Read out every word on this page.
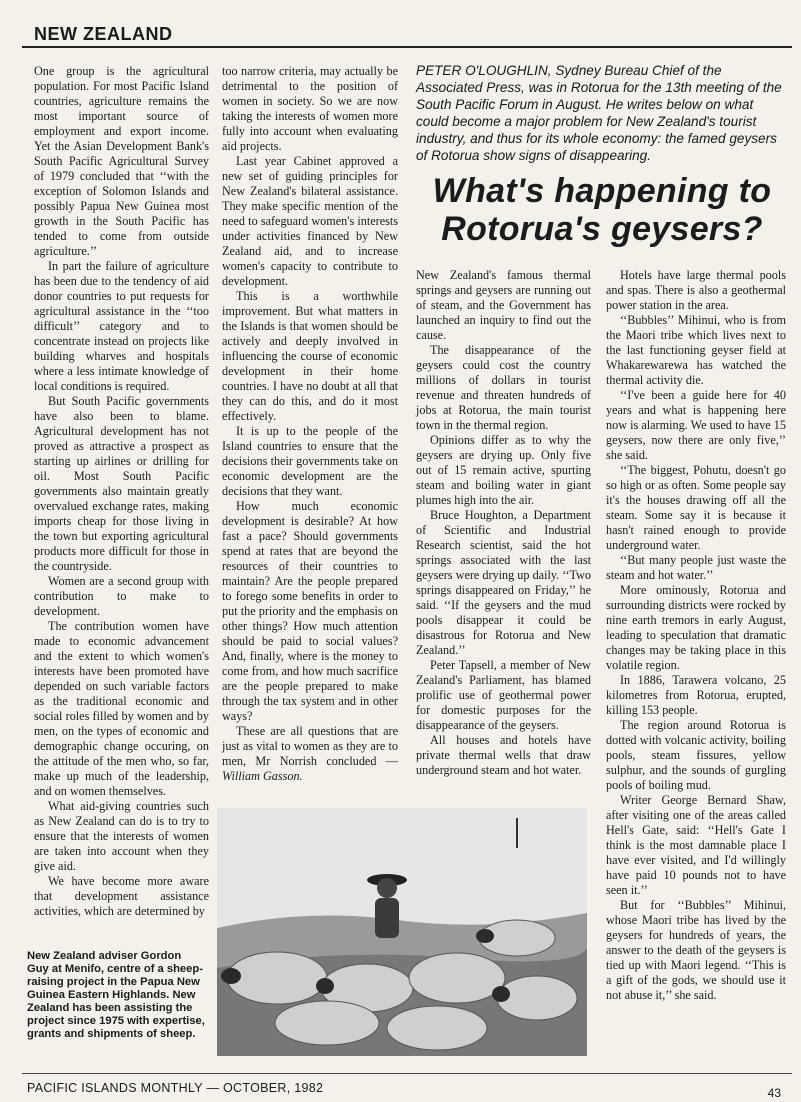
NEW ZEALAND

One group is the agricultural population. For most Pacific Island countries, agriculture remains the most important source of employment and export income. Yet the Asian Development Bank's South Pacific Agricultural Survey of 1979 concluded that ‘‘with the exception of Solomon Islands and possibly Papua New Guinea most growth in the South Pacific has tended to come from outside agriculture.’’

In part the failure of agriculture has been due to the tendency of aid donor countries to put requests for agricultural assistance in the ‘‘too difficult’’ category and to concentrate instead on projects like building wharves and hospitals where a less intimate knowledge of local conditions is required.

But South Pacific governments have also been to blame. Agricultural development has not proved as attractive a prospect as starting up airlines or drilling for oil. Most South Pacific governments also maintain greatly overvalued exchange rates, making imports cheap for those living in the town but exporting agricultural products more difficult for those in the countryside.

Women are a second group with contribution to make to development.

The contribution women have made to economic advancement and the extent to which women's interests have been promoted have depended on such variable factors as the traditional economic and social roles filled by women and by men, on the types of economic and demographic change occuring, on the attitude of the men who, so far, make up much of the leadership, and on women themselves.

What aid-giving countries such as New Zealand can do is to try to ensure that the interests of women are taken into account when they give aid.

We have become more aware that development assistance activities, which are determined by

too narrow criteria, may actually be detrimental to the position of women in society. So we are now taking the interests of women more fully into account when evaluating aid projects.

Last year Cabinet approved a new set of guiding principles for New Zealand's bilateral assistance. They make specific mention of the need to safeguard women's interests under activities financed by New Zealand aid, and to increase women's capacity to contribute to development.

This is a worthwhile improvement. But what matters in the Islands is that women should be actively and deeply involved in influencing the course of economic development in their home countries. I have no doubt at all that they can do this, and do it most effectively.

It is up to the people of the Island countries to ensure that the decisions their governments take on economic development are the decisions that they want.

How much economic development is desirable? At how fast a pace? Should governments spend at rates that are beyond the resources of their countries to maintain? Are the people prepared to forego some benefits in order to put the priority and the emphasis on other things? How much attention should be paid to social values? And, finally, where is the money to come from, and how much sacrifice are the people prepared to make through the tax system and in other ways?

These are all questions that are just as vital to women as they are to men, Mr Norrish concluded — William Gasson.

PETER O'LOUGHLIN, Sydney Bureau Chief of the Associated Press, was in Rotorua for the 13th meeting of the South Pacific Forum in August. He writes below on what could become a major problem for New Zealand's tourist industry, and thus for its whole economy: the famed geysers of Rotorua show signs of disappearing.
What's happening to
Rotorua's geysers?

New Zealand's famous thermal springs and geysers are running out of steam, and the Government has launched an inquiry to find out the cause.

The disappearance of the geysers could cost the country millions of dollars in tourist revenue and threaten hundreds of jobs at Rotorua, the main tourist town in the thermal region.

Opinions differ as to why the geysers are drying up. Only five out of 15 remain active, spurting steam and boiling water in giant plumes high into the air.

Bruce Houghton, a Department of Scientific and Industrial Research scientist, said the hot springs associated with the last geysers were drying up daily. ‘‘Two springs disappeared on Friday,’’ he said. ‘‘If the geysers and the mud pools disappear it could be disastrous for Rotorua and New Zealand.’’

Peter Tapsell, a member of New Zealand's Parliament, has blamed prolific use of geothermal power for domestic purposes for the disappearance of the geysers.

All houses and hotels have private thermal wells that draw underground steam and hot water.

Hotels have large thermal pools and spas. There is also a geothermal power station in the area.

‘‘Bubbles’’ Mihinui, who is from the Maori tribe which lives next to the last functioning geyser field at Whakarewarewa has watched the thermal activity die.

‘‘I've been a guide here for 40 years and what is happening here now is alarming. We used to have 15 geysers, now there are only five,’’ she said.

‘‘The biggest, Pohutu, doesn't go so high or as often. Some people say it's the houses drawing off all the steam. Some say it is because it hasn't rained enough to provide underground water.

‘‘But many people just waste the steam and hot water.’’

More ominously, Rotorua and surrounding districts were rocked by nine earth tremors in early August, leading to speculation that dramatic changes may be taking place in this volatile region.

In 1886, Tarawera volcano, 25 kilometres from Rotorua, erupted, killing 153 people.

The region around Rotorua is dotted with volcanic activity, boiling pools, steam fissures, yellow sulphur, and the sounds of gurgling pools of boiling mud.

Writer George Bernard Shaw, after visiting one of the areas called Hell's Gate, said: ‘‘Hell's Gate I think is the most damnable place I have ever visited, and I'd willingly have paid 10 pounds not to have seen it.’’

But for ‘‘Bubbles’’ Mihinui, whose Maori tribe has lived by the geysers for hundreds of years, the answer to the death of the geysers is tied up with Maori legend. ‘‘This is a gift of the gods, we should use it not abuse it,’’ she said.

New Zealand adviser Gordon Guy at Menifo, centre of a sheep-raising project in the Papua New Guinea Eastern Highlands. New Zealand has been assisting the project since 1975 with expertise, grants and shipments of sheep.
PACIFIC ISLANDS MONTHLY — OCTOBER, 1982	43
